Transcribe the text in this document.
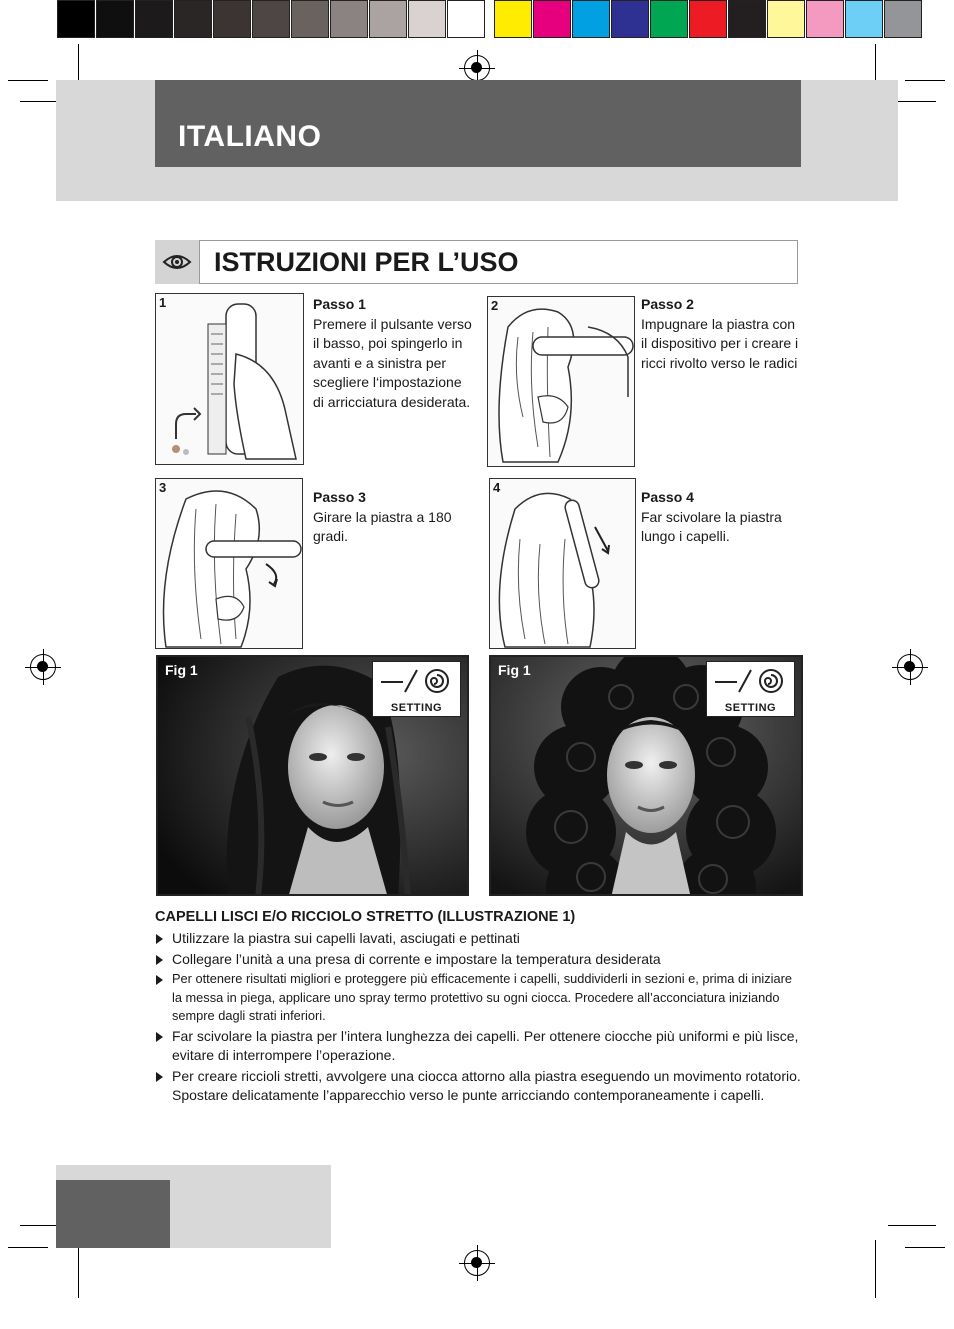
ITALIANO
ISTRUZIONI PER L’USO
1	Passo 1
Premere il pulsante verso il basso, poi spingerlo in avanti e a sinistra per scegliere l‘impostazione di arricciatura desiderata.
2	Passo 2
Impugnare la piastra con il dispositivo per i creare i ricci rivolto verso le radici
3
Passo 3
Girare la piastra a 180 gradi.
4
Passo 4
Far scivolare la piastra lungo i capelli.
Fig 1
SETTING
Fig 1
SETTING
CAPELLI LISCI E/O RICCIOLO STRETTO (ILLUSTRAZIONE 1)
Utilizzare la piastra sui capelli lavati, asciugati e pettinati
Collegare l’unità a una presa di corrente e impostare la temperatura desiderata
Per ottenere risultati migliori e proteggere più efficacemente i capelli, suddividerli in sezioni e, prima di iniziare la messa in piega, applicare uno spray termo protettivo su ogni ciocca. Procedere all’acconciatura iniziando sempre dagli strati inferiori.
Far scivolare la piastra per l’intera lunghezza dei capelli. Per ottenere ciocche più uniformi e più lisce, evitare di interrompere l’operazione.
Per creare riccioli stretti, avvolgere una ciocca attorno alla piastra eseguendo un movimento rotatorio. Spostare delicatamente l’apparecchio verso le punte arricciando contemporaneamente i capelli.
